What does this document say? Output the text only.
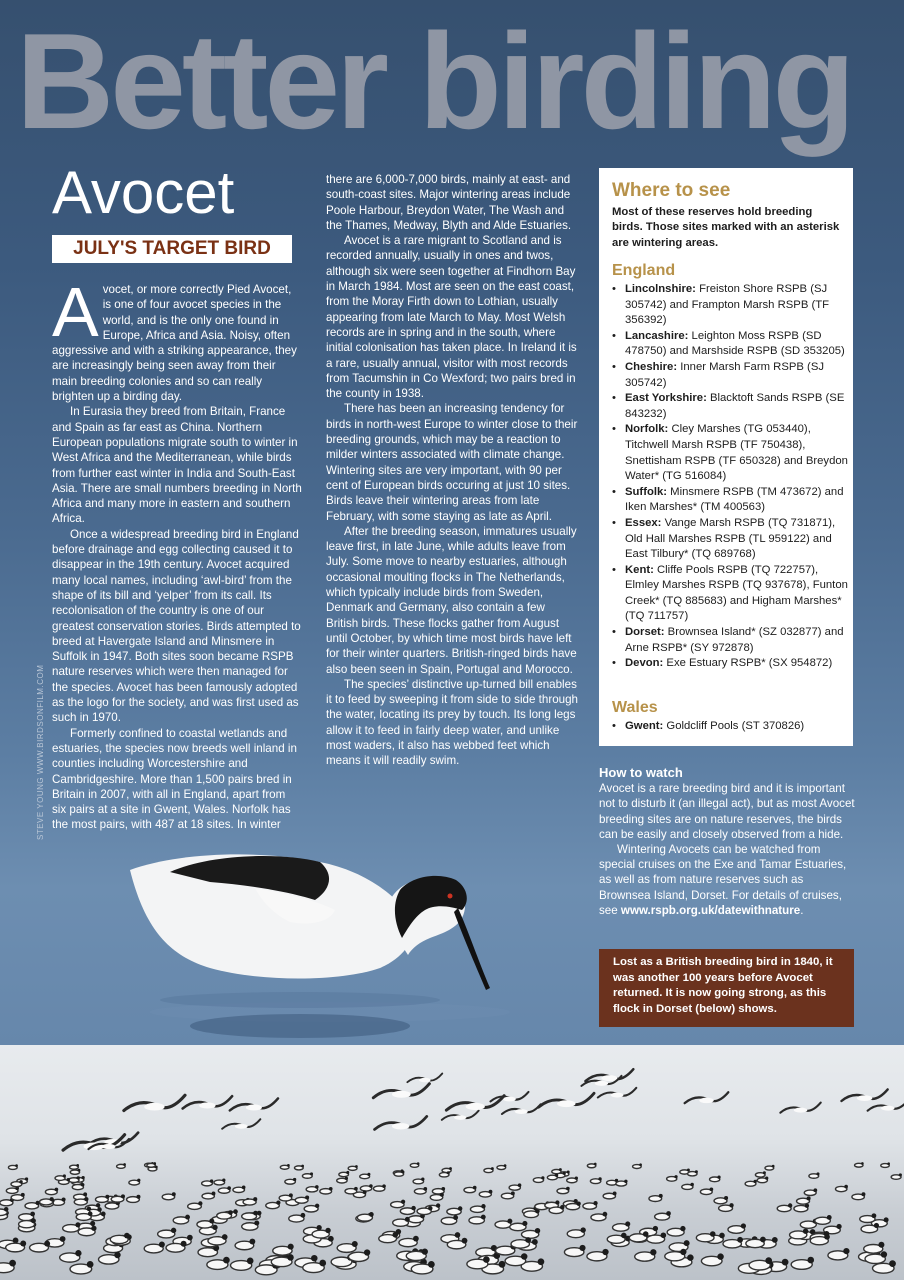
Better birding
Avocet
JULY'S TARGET BIRD

Avocet, or more correctly Pied Avocet, is one of four avocet species in the world, and is the only one found in Europe, Africa and Asia. Noisy, often aggressive and with a striking appearance, they are increasingly being seen away from their main breeding colonies and so can really brighten up a birding day.

In Eurasia they breed from Britain, France and Spain as far east as China. Northern European populations migrate south to winter in West Africa and the Mediterranean, while birds from further east winter in India and South-East Asia. There are small numbers breeding in North Africa and many more in eastern and southern Africa.

Once a widespread breeding bird in England before drainage and egg collecting caused it to disappear in the 19th century. Avocet acquired many local names, including ‘awl-bird’ from the shape of its bill and ‘yelper’ from its call. Its recolonisation of the country is one of our greatest conservation stories. Birds attempted to breed at Havergate Island and Minsmere in Suffolk in 1947. Both sites soon became RSPB nature reserves which were then managed for the species. Avocet has been famously adopted as the logo for the society, and was first used as such in 1970.

Formerly confined to coastal wetlands and estuaries, the species now breeds well inland in counties including Worcestershire and Cambridgeshire. More than 1,500 pairs bred in Britain in 2007, with all in England, apart from six pairs at a site in Gwent, Wales. Norfolk has the most pairs, with 487 at 18 sites. In winter

there are 6,000-7,000 birds, mainly at east- and south-coast sites. Major wintering areas include Poole Harbour, Breydon Water, The Wash and the Thames, Medway, Blyth and Alde Estuaries.

Avocet is a rare migrant to Scotland and is recorded annually, usually in ones and twos, although six were seen together at Findhorn Bay in March 1984. Most are seen on the east coast, from the Moray Firth down to Lothian, usually appearing from late March to May. Most Welsh records are in spring and in the south, where initial colonisation has taken place. In Ireland it is a rare, usually annual, visitor with most records from Tacumshin in Co Wexford; two pairs bred in the county in 1938.

There has been an increasing tendency for birds in north-west Europe to winter close to their breeding grounds, which may be a reaction to milder winters associated with climate change. Wintering sites are very important, with 90 per cent of European birds occuring at just 10 sites. Birds leave their wintering areas from late February, with some staying as late as April.

After the breeding season, immatures usually leave first, in late June, while adults leave from July. Some move to nearby estuaries, although occasional moulting flocks in The Netherlands, which typically include birds from Sweden, Denmark and Germany, also contain a few British birds. These flocks gather from August until October, by which time most birds have left for their winter quarters. British-ringed birds have also been seen in Spain, Portugal and Morocco.

The species’ distinctive up-turned bill enables it to feed by sweeping it from side to side through the water, locating its prey by touch. Its long legs allow it to feed in fairly deep water, and unlike most waders, it also has webbed feet which means it will readily swim.

STEVE YOUNG WWW.BIRDSONFILM.COM
Where to see
Most of these reserves hold breeding birds. Those sites marked with an asterisk are wintering areas.
England
• Lincolnshire: Freiston Shore RSPB (SJ 305742) and Frampton Marsh RSPB (TF 356392)
• Lancashire: Leighton Moss RSPB (SD 478750) and Marshside RSPB (SD 353205)
• Cheshire: Inner Marsh Farm RSPB (SJ 305742)
• East Yorkshire: Blacktoft Sands RSPB (SE 843232)
• Norfolk: Cley Marshes (TG 053440), Titchwell Marsh RSPB (TF 750438), Snettisham RSPB (TF 650328) and Breydon Water* (TG 516084)
• Suffolk: Minsmere RSPB (TM 473672) and Iken Marshes* (TM 400563)
• Essex: Vange Marsh RSPB (TQ 731871), Old Hall Marshes RSPB (TL 959122) and East Tilbury* (TQ 689768)
• Kent: Cliffe Pools RSPB (TQ 722757), Elmley Marshes RSPB (TQ 937678), Funton Creek* (TQ 885683) and Higham Marshes* (TQ 711757)
• Dorset: Brownsea Island* (SZ 032877) and Arne RSPB* (SY 972878)
• Devon: Exe Estuary RSPB* (SX 954872)
Wales
• Gwent: Goldcliff Pools (ST 370826)
How to watch

Avocet is a rare breeding bird and it is important not to disturb it (an illegal act), but as most Avocet breeding sites are on nature reserves, the birds can be easily and closely observed from a hide.

Wintering Avocets can be watched from special cruises on the Exe and Tamar Estuaries, as well as from nature reserves such as Brownsea Island, Dorset. For details of cruises, see www.rspb.org.uk/datewithnature.

Lost as a British breeding bird in 1840, it was another 100 years before Avocet returned. It is now going strong, as this flock in Dorset (below) shows.
